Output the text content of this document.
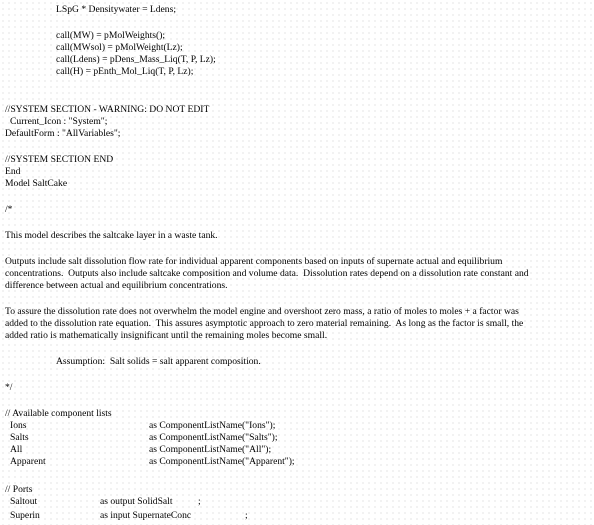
LSpG * Densitywater = Ldens;
call(MW) = pMolWeights();
call(MWsol) = pMolWeight(Lz);
call(Ldens) = pDens_Mass_Liq(T, P, Lz);
call(H) = pEnth_Mol_Liq(T, P, Lz);
//SYSTEM SECTION - WARNING: DO NOT EDIT
Current_Icon : "System";
DefaultForm : "AllVariables";
//SYSTEM SECTION END
End
Model SaltCake
/*
This model describes the saltcake layer in a waste tank.
Outputs include salt dissolution flow rate for individual apparent components based on inputs of supernate actual and equilibrium
concentrations.  Outputs also include saltcake composition and volume data.  Dissolution rates depend on a dissolution rate constant and
difference between actual and equilibrium concentrations.
To assure the dissolution rate does not overwhelm the model engine and overshoot zero mass, a ratio of moles to moles + a factor was
added to the dissolution rate equation.  This assures asymptotic approach to zero material remaining.  As long as the factor is small, the
added ratio is mathematically insignificant until the remaining moles become small.
Assumption:  Salt solids = salt apparent composition.
*/
// Available component lists
Ions	as ComponentListName("Ions");
Salts	as ComponentListName("Salts");
All	as ComponentListName("All");
Apparent	as ComponentListName("Apparent");
// Ports
Saltout	as output SolidSalt	;
Superin	as input SupernateConc	;
